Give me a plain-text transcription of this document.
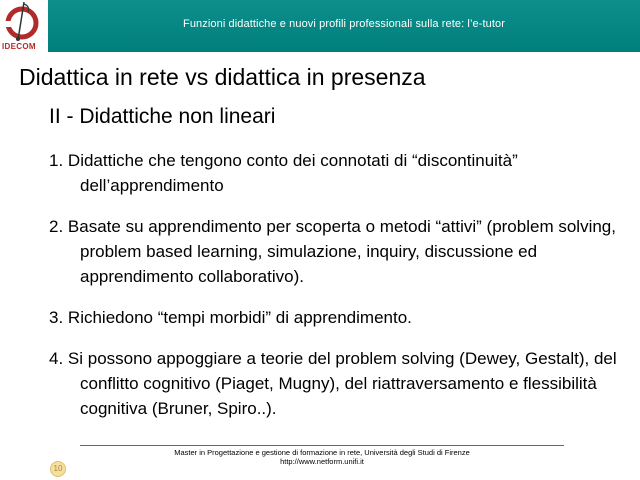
Funzioni didattiche e nuovi profili professionali sulla rete: l’e-tutor
IDECOM
Didattica in rete vs didattica in presenza
II - Didattiche non lineari
1. Didattiche che tengono conto dei connotati di “discontinuità” dell’apprendimento
2. Basate su apprendimento per scoperta o metodi “attivi” (problem solving, problem based learning, simulazione, inquiry, discussione ed apprendimento collaborativo).
3. Richiedono “tempi morbidi” di apprendimento.
4. Si possono appoggiare a teorie del problem solving (Dewey, Gestalt), del conflitto cognitivo (Piaget, Mugny), del riattraversamento e flessibilità cognitiva (Bruner, Spiro..).
Master in Progettazione e gestione di formazione in rete, Università degli Studi di Firenze
http://www.netform.unifi.it
10
